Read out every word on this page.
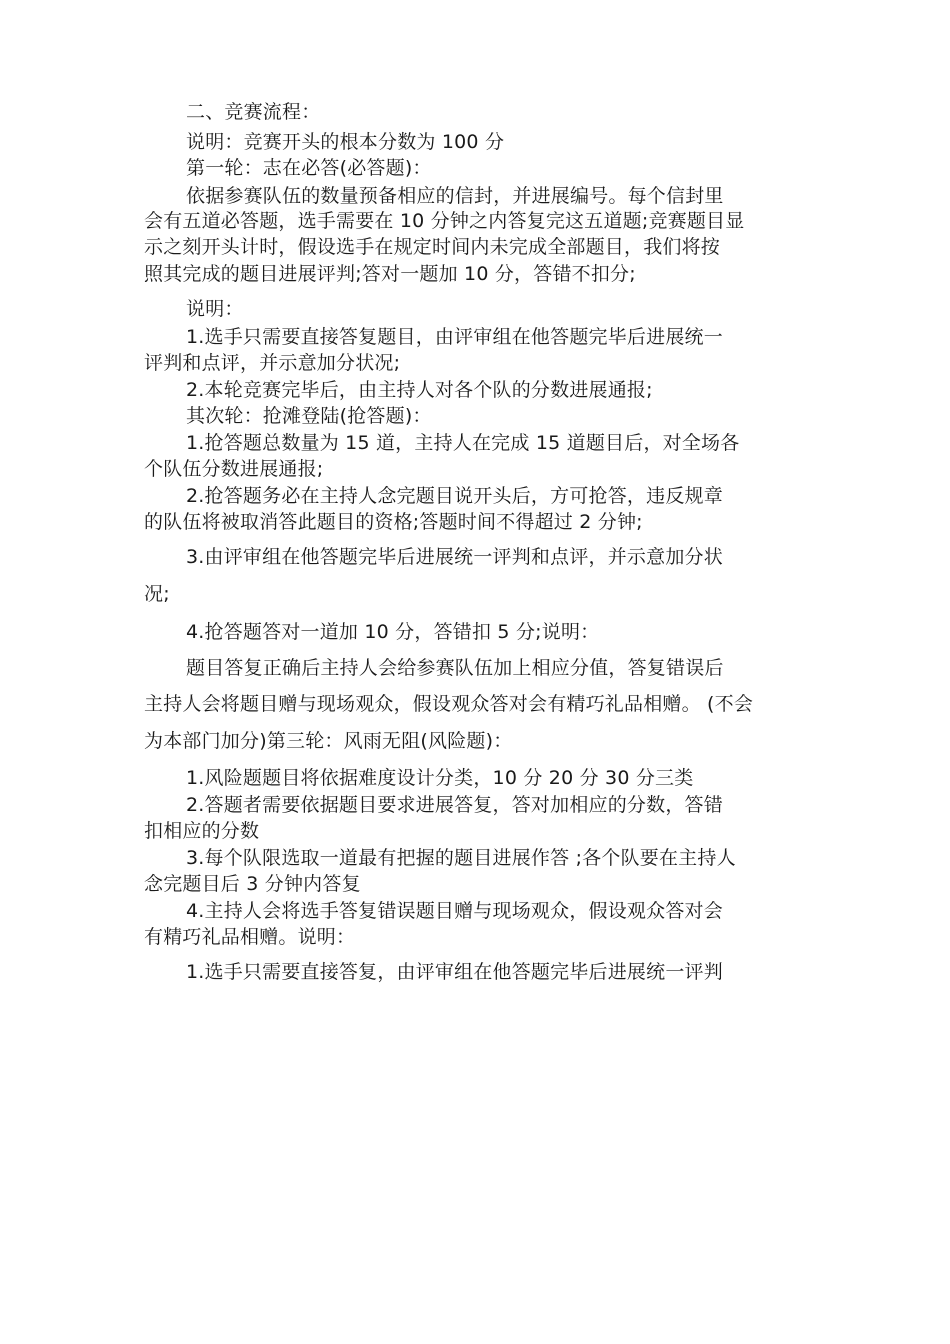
二、竞赛流程：
说明：竞赛开头的根本分数为 100 分
第一轮：志在必答(必答题)：
依据参赛队伍的数量预备相应的信封，并进展编号。每个信封里
会有五道必答题，选手需要在 10 分钟之内答复完这五道题;竞赛题目显
示之刻开头计时，假设选手在规定时间内未完成全部题目，我们将按
照其完成的题目进展评判;答对一题加 10 分，答错不扣分;
说明：
1.选手只需要直接答复题目，由评审组在他答题完毕后进展统一
评判和点评，并示意加分状况;
2.本轮竞赛完毕后，由主持人对各个队的分数进展通报;
其次轮：抢滩登陆(抢答题)：
1.抢答题总数量为 15 道，主持人在完成 15 道题目后，对全场各
个队伍分数进展通报;
2.抢答题务必在主持人念完题目说开头后，方可抢答，违反规章
的队伍将被取消答此题目的资格;答题时间不得超过 2 分钟;
3.由评审组在他答题完毕后进展统一评判和点评，并示意加分状
况;
4.抢答题答对一道加 10 分，答错扣 5 分;说明：
题目答复正确后主持人会给参赛队伍加上相应分值，答复错误后
主持人会将题目赠与现场观众，假设观众答对会有精巧礼品相赠。 (不会
为本部门加分)第三轮：风雨无阻(风险题)：
1.风险题题目将依据难度设计分类，10 分 20 分 30 分三类
2.答题者需要依据题目要求进展答复，答对加相应的分数，答错
扣相应的分数
3.每个队限选取一道最有把握的题目进展作答 ;各个队要在主持人
念完题目后 3 分钟内答复
4.主持人会将选手答复错误题目赠与现场观众，假设观众答对会
有精巧礼品相赠。说明：
1.选手只需要直接答复，由评审组在他答题完毕后进展统一评判
